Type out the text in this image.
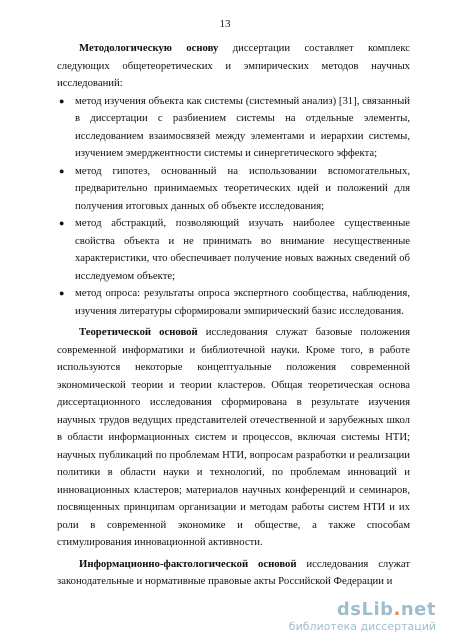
13

Методологическую основу диссертации составляет комплекс следующих общетеоретических и эмпирических методов научных исследований:

● метод изучения объекта как системы (системный анализ) [31], связанный в диссертации с разбиением системы на отдельные элементы, исследованием взаимосвязей между элементами и иерархии системы, изучением эмерджентности системы и синергетического эффекта;
● метод гипотез, основанный на использовании вспомогательных, предварительно принимаемых теоретических идей и положений для получения итоговых данных об объекте исследования;
● метод абстракций, позволяющий изучать наиболее существенные свойства объекта и не принимать во внимание несущественные характеристики, что обеспечивает получение новых важных сведений об исследуемом объекте;
● метод опроса: результаты опроса экспертного сообщества, наблюдения, изучения литературы сформировали эмпирический базис исследования.

Теоретической основой исследования служат базовые положения современной информатики и библиотечной науки. Кроме того, в работе используются некоторые концептуальные положения современной экономической теории и теории кластеров. Общая теоретическая основа диссертационного исследования сформирована в результате изучения научных трудов ведущих представителей отечественной и зарубежных школ в области информационных систем и процессов, включая системы НТИ; научных публикаций по проблемам НТИ, вопросам разработки и реализации политики в области науки и технологий, по проблемам инноваций и инновационных кластеров; материалов научных конференций и семинаров, посвященных принципам организации и методам работы систем НТИ и их роли в современной экономике и обществе, а также способам стимулирования инновационной активности.

Информационно-фактологической основой исследования служат законодательные и нормативные правовые акты Российской Федерации и

dsLib.net
библиотека диссертаций
